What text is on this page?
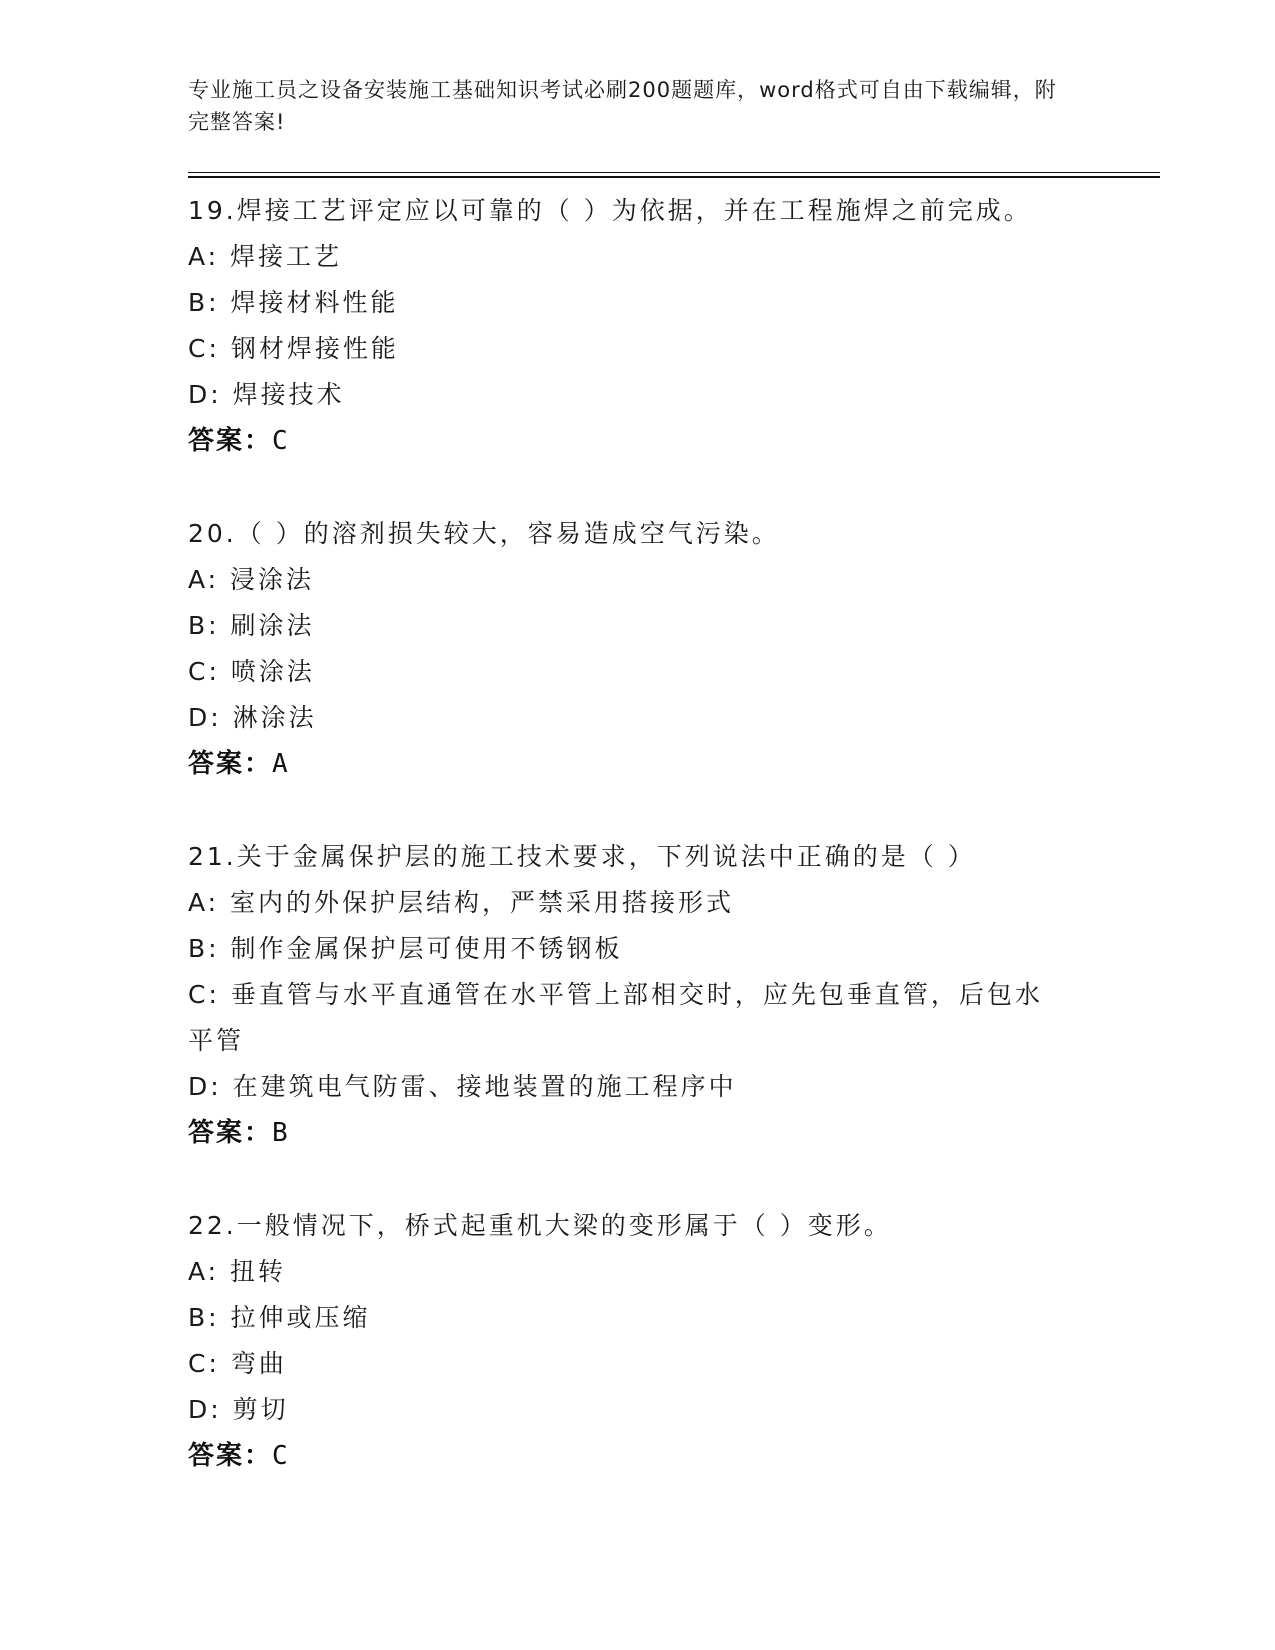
专业施工员之设备安装施工基础知识考试必刷200题题库，word格式可自由下载编辑，附完整答案!
19.焊接工艺评定应以可靠的（ ）为依据，并在工程施焊之前完成。
A: 焊接工艺
B: 焊接材料性能
C: 钢材焊接性能
D: 焊接技术
答案：C
20.（ ）的溶剂损失较大，容易造成空气污染。
A: 浸涂法
B: 刷涂法
C: 喷涂法
D: 淋涂法
答案：A
21.关于金属保护层的施工技术要求，下列说法中正确的是（ ）
A: 室内的外保护层结构，严禁采用搭接形式
B: 制作金属保护层可使用不锈钢板
C: 垂直管与水平直通管在水平管上部相交时，应先包垂直管，后包水平管
D: 在建筑电气防雷、接地装置的施工程序中
答案：B
22.一般情况下，桥式起重机大梁的变形属于（ ）变形。
A: 扭转
B: 拉伸或压缩
C: 弯曲
D: 剪切
答案：C
